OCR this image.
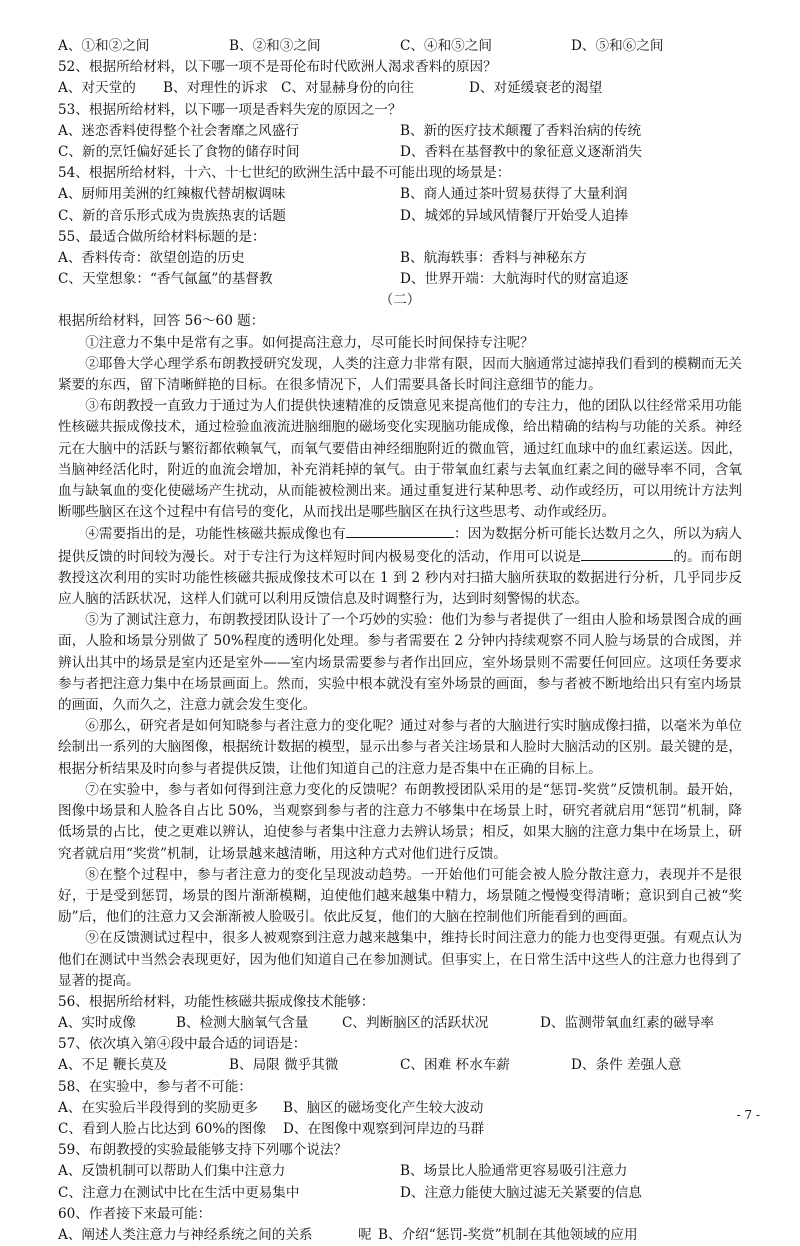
A、①和②之间	B、②和③之间	C、④和⑤之间	D、⑤和⑥之间
52、根据所给材料，以下哪一项不是哥伦布时代欧洲人渴求香料的原因？
A、对天堂的	B、对理性的诉求 C、对显赫身份的向往	D、对延缓衰老的渴望
53、根据所给材料，以下哪一项是香料失宠的原因之一？
A、迷恋香料使得整个社会奢靡之风盛行	B、新的医疗技术颠覆了香料治病的传统
C、新的烹饪偏好延长了食物的储存时间	D、香料在基督教中的象征意义逐渐消失
54、根据所给材料，十六、十七世纪的欧洲生活中最不可能出现的场景是：
A、厨师用美洲的红辣椒代替胡椒调味	B、商人通过茶叶贸易获得了大量利润
C、新的音乐形式成为贵族热衷的话题	D、城郊的异域风情餐厅开始受人追捧
55、最适合做所给材料标题的是：
A、香料传奇：欲望创造的历史	B、航海轶事：香料与神秘东方
C、天堂想象：“香气氤氲”的基督教	D、世界开端：大航海时代的财富追逐
（二）
根据所给材料，回答 56～60 题：

①注意力不集中是常有之事。如何提高注意力，尽可能长时间保持专注呢？

②耶鲁大学心理学系布朗教授研究发现，人类的注意力非常有限，因而大脑通常过滤掉我们看到的模糊而无关紧要的东西，留下清晰鲜艳的目标。在很多情况下，人们需要具备长时间注意细节的能力。

③布朗教授一直致力于通过为人们提供快速精准的反馈意见来提高他们的专注力，他的团队以往经常采用功能性核磁共振成像技术，通过检验血液流进脑细胞的磁场变化实现脑功能成像，给出精确的结构与功能的关系。神经元在大脑中的活跃与繁衍都依赖氧气，而氧气要借由神经细胞附近的微血管，通过红血球中的血红素运送。因此，当脑神经活化时，附近的血流会增加，补充消耗掉的氧气。由于带氧血红素与去氧血红素之间的磁导率不同，含氧血与缺氧血的变化使磁场产生扰动，从而能被检测出来。通过重复进行某种思考、动作或经历，可以用统计方法判断哪些脑区在这个过程中有信号的变化，从而找出是哪些脑区在执行这些思考、动作或经历。

④需要指出的是，功能性核磁共振成像也有	：因为数据分析可能长达数月之久，所以为病人提供反馈的时间较为漫长。对于专注行为这样短时间内极易变化的活动，作用可以说是	的。而布朗教授这次利用的实时功能性核磁共振成像技术可以在 1 到 2 秒内对扫描大脑所获取的数据进行分析，几乎同步反应人脑的活跃状况，这样人们就可以利用反馈信息及时调整行为，达到时刻警惕的状态。

⑤为了测试注意力，布朗教授团队设计了一个巧妙的实验：他们为参与者提供了一组由人脸和场景图合成的画面，人脸和场景分别做了 50%程度的透明化处理。参与者需要在 2 分钟内持续观察不同人脸与场景的合成图，并辨认出其中的场景是室内还是室外——室内场景需要参与者作出回应，室外场景则不需要任何回应。这项任务要求参与者把注意力集中在场景画面上。然而，实验中根本就没有室外场景的画面，参与者被不断地给出只有室内场景的画面，久而久之，注意力就会发生变化。

⑥那么，研究者是如何知晓参与者注意力的变化呢？通过对参与者的大脑进行实时脑成像扫描，以毫米为单位绘制出一系列的大脑图像，根据统计数据的模型，显示出参与者关注场景和人脸时大脑活动的区别。最关键的是，根据分析结果及时向参与者提供反馈，让他们知道自己的注意力是否集中在正确的目标上。

⑦在实验中，参与者如何得到注意力变化的反馈呢？布朗教授团队采用的是“惩罚-奖赏”反馈机制。最开始，图像中场景和人脸各自占比 50%，当观察到参与者的注意力不够集中在场景上时，研究者就启用“惩罚”机制，降低场景的占比，使之更难以辨认，迫使参与者集中注意力去辨认场景；相反，如果大脑的注意力集中在场景上，研究者就启用“奖赏”机制，让场景越来越清晰，用这种方式对他们进行反馈。

⑧在整个过程中，参与者注意力的变化呈现波动趋势。一开始他们可能会被人脸分散注意力，表现并不是很好，于是受到惩罚，场景的图片渐渐模糊，迫使他们越来越集中精力，场景随之慢慢变得清晰；意识到自己被“奖励”后，他们的注意力又会渐渐被人脸吸引。依此反复，他们的大脑在控制他们所能看到的画面。

⑨在反馈测试过程中，很多人被观察到注意力越来越集中，维持长时间注意力的能力也变得更强。有观点认为他们在测试中当然会表现更好，因为他们知道自己在参加测试。但事实上，在日常生活中这些人的注意力也得到了显著的提高。

56、根据所给材料，功能性核磁共振成像技术能够：
A、实时成像	B、检测大脑氧气含量	C、判断脑区的活跃状况	D、监测带氧血红素的磁导率
57、依次填入第④段中最合适的词语是：
A、不足 鞭长莫及	B、局限 微乎其微	C、困难 杯水车薪	D、条件 差强人意
58、在实验中，参与者不可能：
A、在实验后半段得到的奖励更多	B、脑区的磁场变化产生较大波动
C、看到人脸占比达到 60%的图像	D、在图像中观察到河岸边的马群
59、布朗教授的实验最能够支持下列哪个说法？
A、反馈机制可以帮助人们集中注意力	B、场景比人脸通常更容易吸引注意力
C、注意力在测试中比在生活中更易集中	D、注意力能使大脑过滤无关紧要的信息
60、作者接下来最可能：
A、阐述人类注意力与神经系统之间的关系	呢 B、介绍“惩罚-奖赏”机制在其他领域的应用
- 7 -
